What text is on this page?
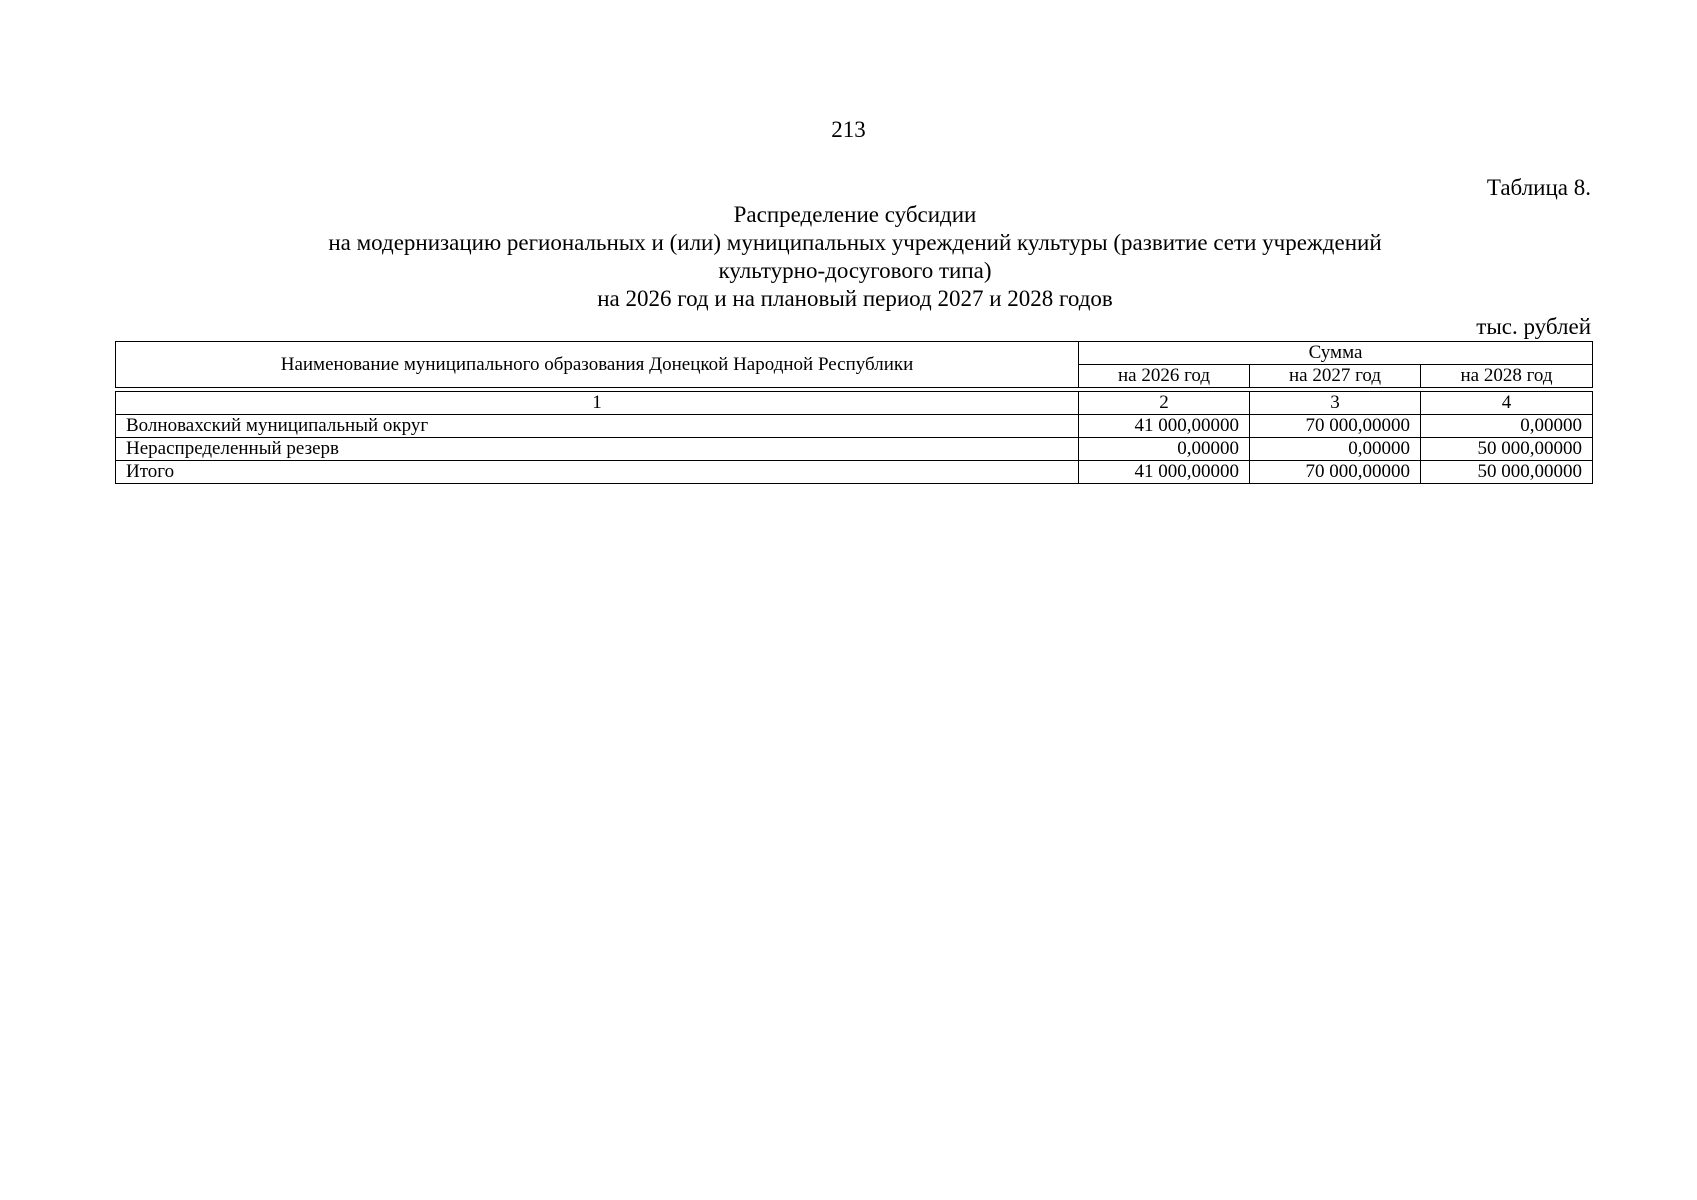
213
Таблица 8.
Распределение субсидии
на модернизацию региональных и (или) муниципальных учреждений культуры (развитие сети учреждений
культурно-досугового типа)
на 2026 год и на плановый период 2027 и 2028 годов
тыс. рублей
Наименование муниципального образования Донецкой Народной Республики	Сумма		
	на 2026 год	на 2027 год	на 2028 год
1	2	3	4
Волновахский муниципальный округ	41 000,00000	70 000,00000	0,00000
Нераспределенный резерв	0,00000	0,00000	50 000,00000
Итого	41 000,00000	70 000,00000	50 000,00000
